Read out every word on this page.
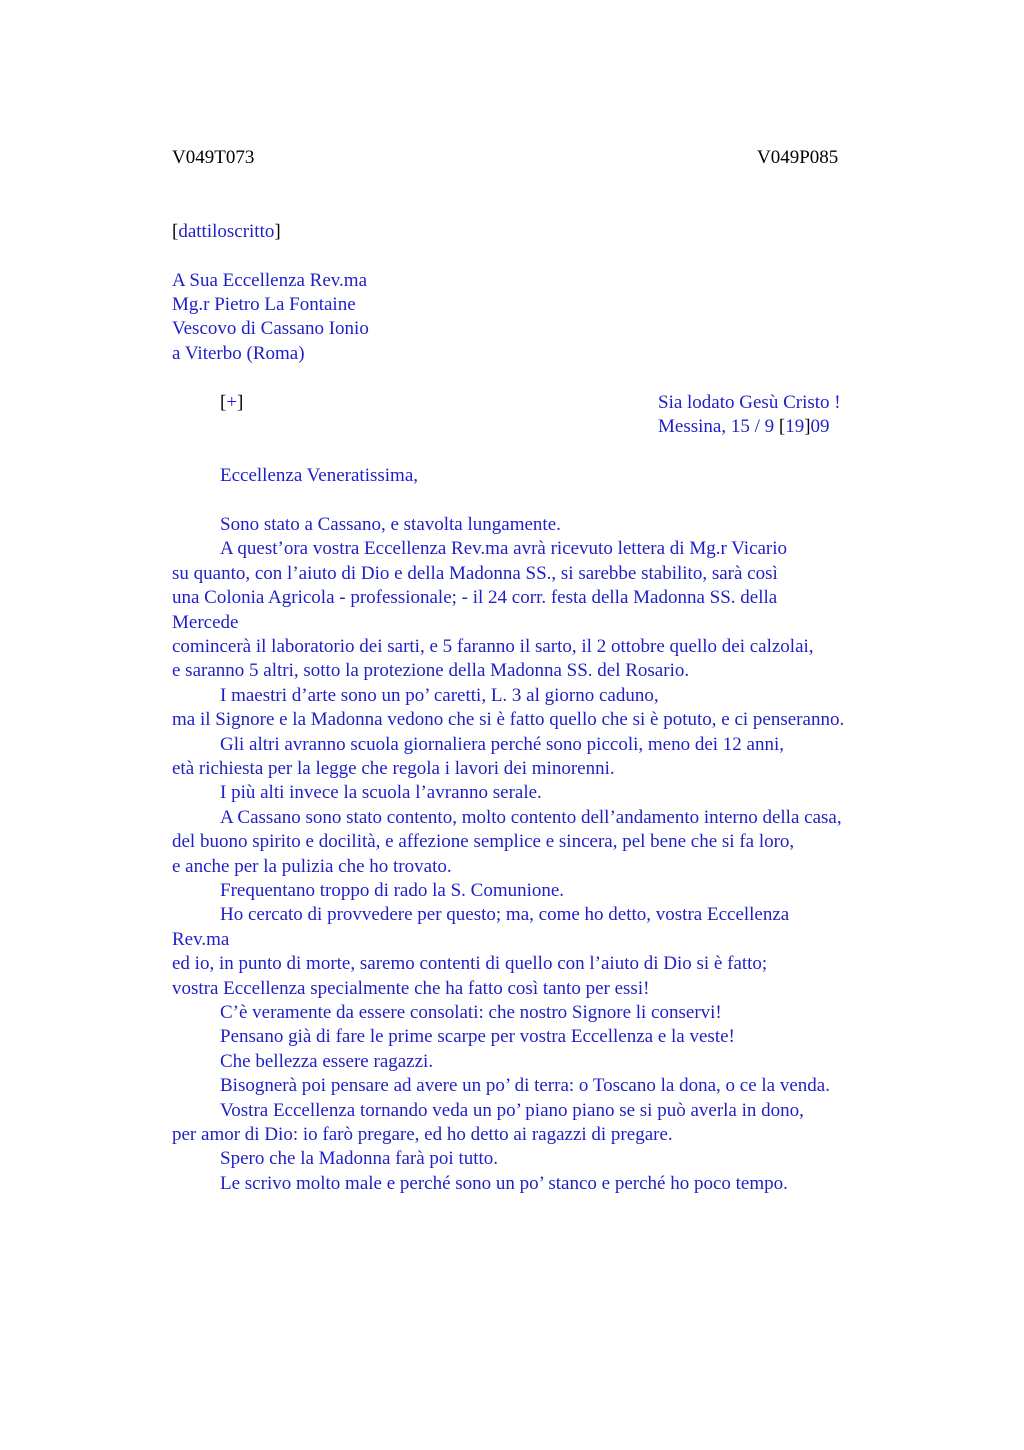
V049T073	V049P085
[dattiloscritto]
A Sua Eccellenza Rev.ma
Mg.r Pietro La Fontaine
Vescovo di Cassano Ionio
a Viterbo (Roma)
[+]	Sia lodato Gesù Cristo !
Messina, 15 / 9 [19]09
Eccellenza Veneratissima,
Sono stato a Cassano, e stavolta lungamente.
A quest’ora vostra Eccellenza Rev.ma avrà ricevuto lettera di Mg.r Vicario
su quanto, con l’aiuto di Dio e della Madonna SS., si sarebbe stabilito, sarà così
una Colonia Agricola - professionale; - il 24 corr. festa della Madonna SS. della
Mercede
comincerà il laboratorio dei sarti, e 5 faranno il sarto, il 2 ottobre quello dei calzolai,
e saranno 5 altri, sotto la protezione della Madonna SS. del Rosario.
I maestri d’arte sono un po’ caretti, L. 3 al giorno caduno,
ma il Signore e la Madonna vedono che si è fatto quello che si è potuto, e ci penseranno.
Gli altri avranno scuola giornaliera perché sono piccoli, meno dei 12 anni,
età richiesta per la legge che regola i lavori dei minorenni.
I più alti invece la scuola l’avranno serale.
A Cassano sono stato contento, molto contento dell’andamento interno della casa,
del buono spirito e docilità, e affezione semplice e sincera, pel bene che si fa loro,
e anche per la pulizia che ho trovato.
Frequentano troppo di rado la S. Comunione.
Ho cercato di provvedere per questo; ma, come ho detto, vostra Eccellenza
Rev.ma
ed io, in punto di morte, saremo contenti di quello con l’aiuto di Dio si è fatto;
vostra Eccellenza specialmente che ha fatto così tanto per essi!
C’è veramente da essere consolati: che nostro Signore li conservi!
Pensano già di fare le prime scarpe per vostra Eccellenza e la veste!
Che bellezza essere ragazzi.
Bisognerà poi pensare ad avere un po’ di terra: o Toscano la dona, o ce la venda.
Vostra Eccellenza tornando veda un po’ piano piano se si può averla in dono,
per amor di Dio: io farò pregare, ed ho detto ai ragazzi di pregare.
Spero che la Madonna farà poi tutto.
Le scrivo molto male e perché sono un po’ stanco e perché ho poco tempo.
